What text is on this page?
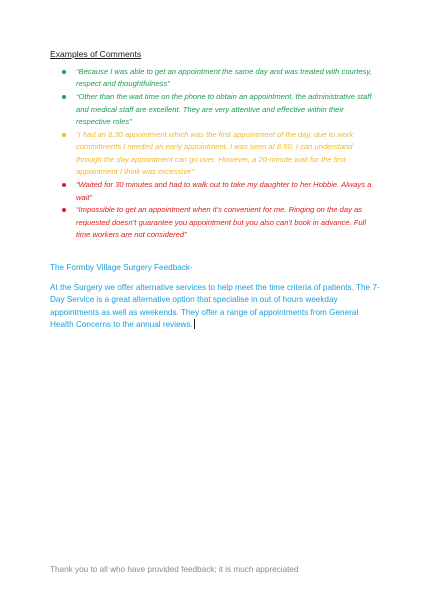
Examples of Comments
“Because I was able to get an appointment the same day and was treated with courtesy, respect and thoughtfulness”
“Other than the wait time on the phone to obtain an appointment, the administrative staff and medical staff are excellent. They are very attentive and effective within their respective roles”
“I had an 8.30 appointment which was the first appointment of the day, due to work commitments I needed an early appointment. I was seen at 8.50. I can understand through the day appointment can go over. However, a 20-minute wait for the first appointment I think was excessive”
“Waited for 30 minutes and had to walk out to take my daughter to her Hobbie. Always a wait”
“Impossible to get an appointment when it’s convenient for me. Ringing on the day as requested doesn’t guarantee you appointment but you also can’t book in advance. Full time workers are not considered”
The Formby Village Surgery Feedback-

At the Surgery we offer alternative services to help meet the time criteria of patients. The 7-Day Service is a great alternative option that specialise in out of hours weekday appointments as well as weekends. They offer a range of appointments from General Health Concerns to the annual reviews.

Thank you to all who have provided feedback; it is much appreciated
